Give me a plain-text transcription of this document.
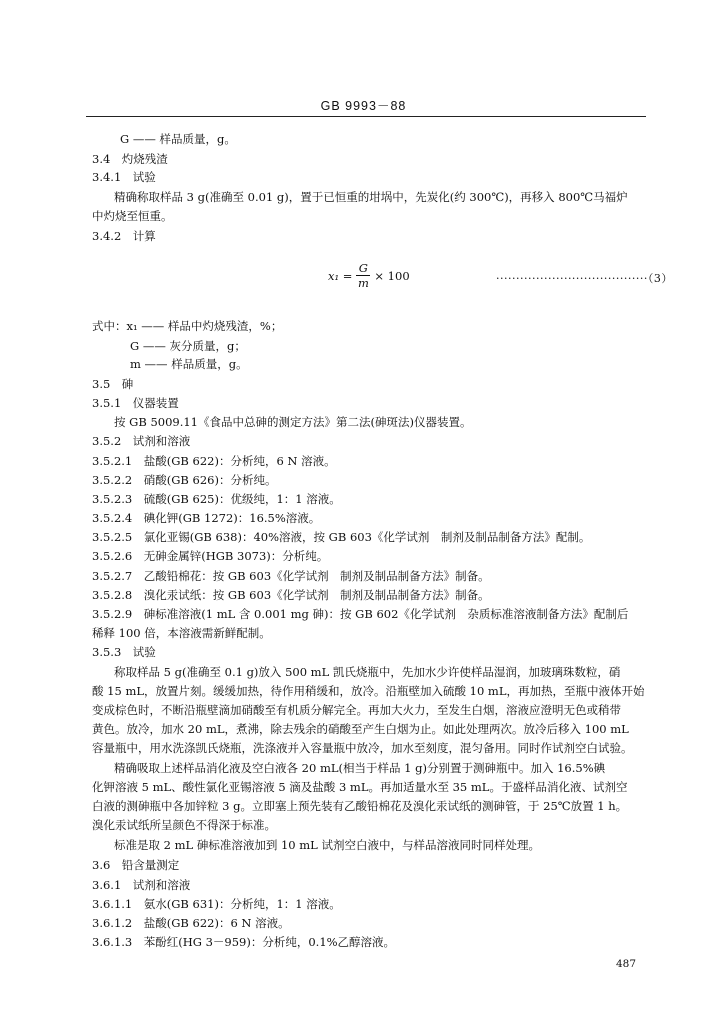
GB 9993－88
G —— 样品质量，g。
3.4　灼烧残渣
3.4.1　试验
精确称取样品 3 g(准确至 0.01 g)，置于已恒重的坩埚中，先炭化(约 300℃)，再移入 800℃马福炉
中灼烧至恒重。
3.4.2　计算
$x_1 = \frac{G}{m} \times 100$	······································（3）
式中：x₁ —— 样品中灼烧残渣，%；
G —— 灰分质量，g；
m —— 样品质量，g。
3.5　砷
3.5.1　仪器装置
按 GB 5009.11《食品中总砷的测定方法》第二法(砷斑法)仪器装置。
3.5.2　试剂和溶液
3.5.2.1　盐酸(GB 622)：分析纯，6 N 溶液。
3.5.2.2　硝酸(GB 626)：分析纯。
3.5.2.3　硫酸(GB 625)：优级纯，1：1 溶液。
3.5.2.4　碘化钾(GB 1272)：16.5%溶液。
3.5.2.5　氯化亚锡(GB 638)：40%溶液，按 GB 603《化学试剂　制剂及制品制备方法》配制。
3.5.2.6　无砷金属锌(HGB 3073)：分析纯。
3.5.2.7　乙酸铅棉花：按 GB 603《化学试剂　制剂及制品制备方法》制备。
3.5.2.8　溴化汞试纸：按 GB 603《化学试剂　制剂及制品制备方法》制备。
3.5.2.9　砷标准溶液(1 mL 含 0.001 mg 砷)：按 GB 602《化学试剂　杂质标准溶液制备方法》配制后
稀释 100 倍，本溶液需新鲜配制。
3.5.3　试验
称取样品 5 g(准确至 0.1 g)放入 500 mL 凯氏烧瓶中，先加水少许使样品湿润，加玻璃珠数粒，硝
酸 15 mL，放置片刻。缓缓加热，待作用稍缓和，放冷。沿瓶壁加入硫酸 10 mL，再加热，至瓶中液体开始
变成棕色时，不断沿瓶壁滴加硝酸至有机质分解完全。再加大火力，至发生白烟，溶液应澄明无色或稍带
黄色。放冷，加水 20 mL，煮沸，除去残余的硝酸至产生白烟为止。如此处理两次。放冷后移入 100 mL
容量瓶中，用水洗涤凯氏烧瓶，洗涤液并入容量瓶中放冷，加水至刻度，混匀备用。同时作试剂空白试验。
精确吸取上述样品消化液及空白液各 20 mL(相当于样品 1 g)分别置于测砷瓶中。加入 16.5%碘
化钾溶液 5 mL、酸性氯化亚锡溶液 5 滴及盐酸 3 mL。再加适量水至 35 mL。于盛样品消化液、试剂空
白液的测砷瓶中各加锌粒 3 g。立即塞上预先装有乙酸铅棉花及溴化汞试纸的测砷管，于 25℃放置 1 h。
溴化汞试纸所呈颜色不得深于标准。
标准是取 2 mL 砷标准溶液加到 10 mL 试剂空白液中，与样品溶液同时同样处理。
3.6　铅含量测定
3.6.1　试剂和溶液
3.6.1.1　氨水(GB 631)：分析纯，1：1 溶液。
3.6.1.2　盐酸(GB 622)：6 N 溶液。
3.6.1.3　苯酚红(HG 3－959)：分析纯，0.1%乙醇溶液。
487
